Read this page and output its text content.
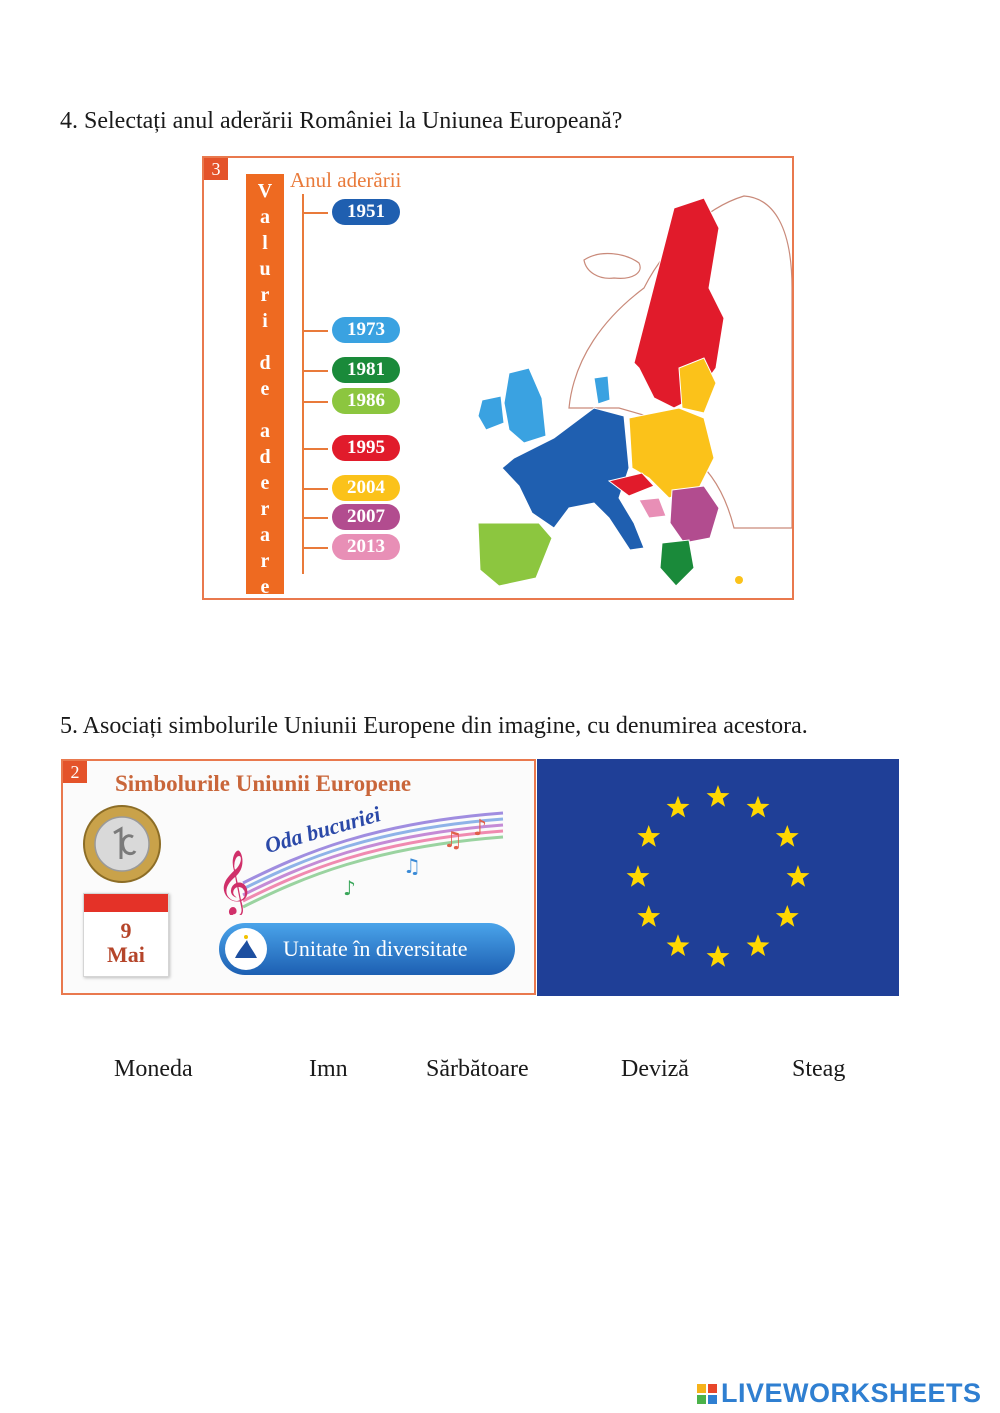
4. Selectați anul aderării României la Uniunea Europeană?
3
V
a
l
u
r
i
d
e
a
d
e
r
a
r
e
Anul aderării
1951
1973
1981
1986
1995
2004
2007
2013
5. Asociați simbolurile Uniunii Europene din imagine, cu denumirea acestora.
2	Simbolurile Uniunii Europene
9
Mai
𝄞
♫ ♪
♫
♪
Oda bucuriei
Unitate în diversitate
Moneda	Imn	Sărbătoare	Deviză	Steag
LIVEWORKSHEETS
